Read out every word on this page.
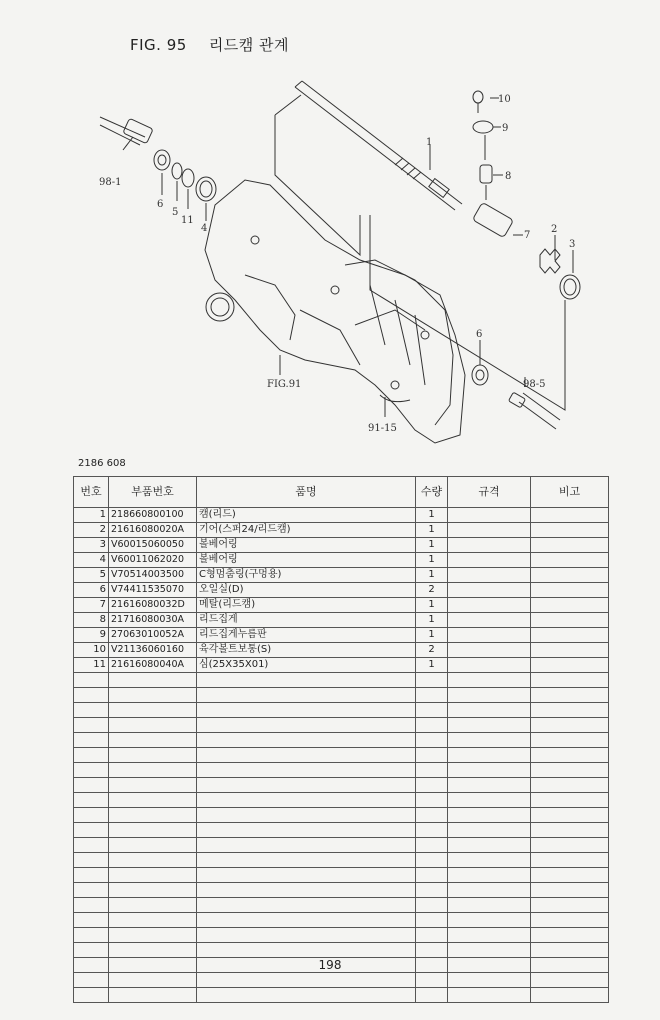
FIG. 95 리드캠 관계
10
9
8
1
7
2
3
98-1
6
5
11
4
6
98-5
FIG.91
91-15
2186 608
번호	부품번호	품명	수량	규격	비고
1	218660800100	캠(리드)	1		
2	21616080020A	기어(스퍼24/리드캠)	1		
3	V60015060050	볼베어링	1		
4	V60011062020	볼베어링	1		
5	V70514003500	C형멈춤링(구멍용)	1		
6	V74411535070	오일실(D)	2		
7	21616080032D	메탈(리드캠)	1		
8	21716080030A	리드집게	1		
9	27063010052A	리드집게누름판	1		
10	V21136060160	육각볼트보통(S)	2		
11	21616080040A	심(25X35X01)	1		

198
